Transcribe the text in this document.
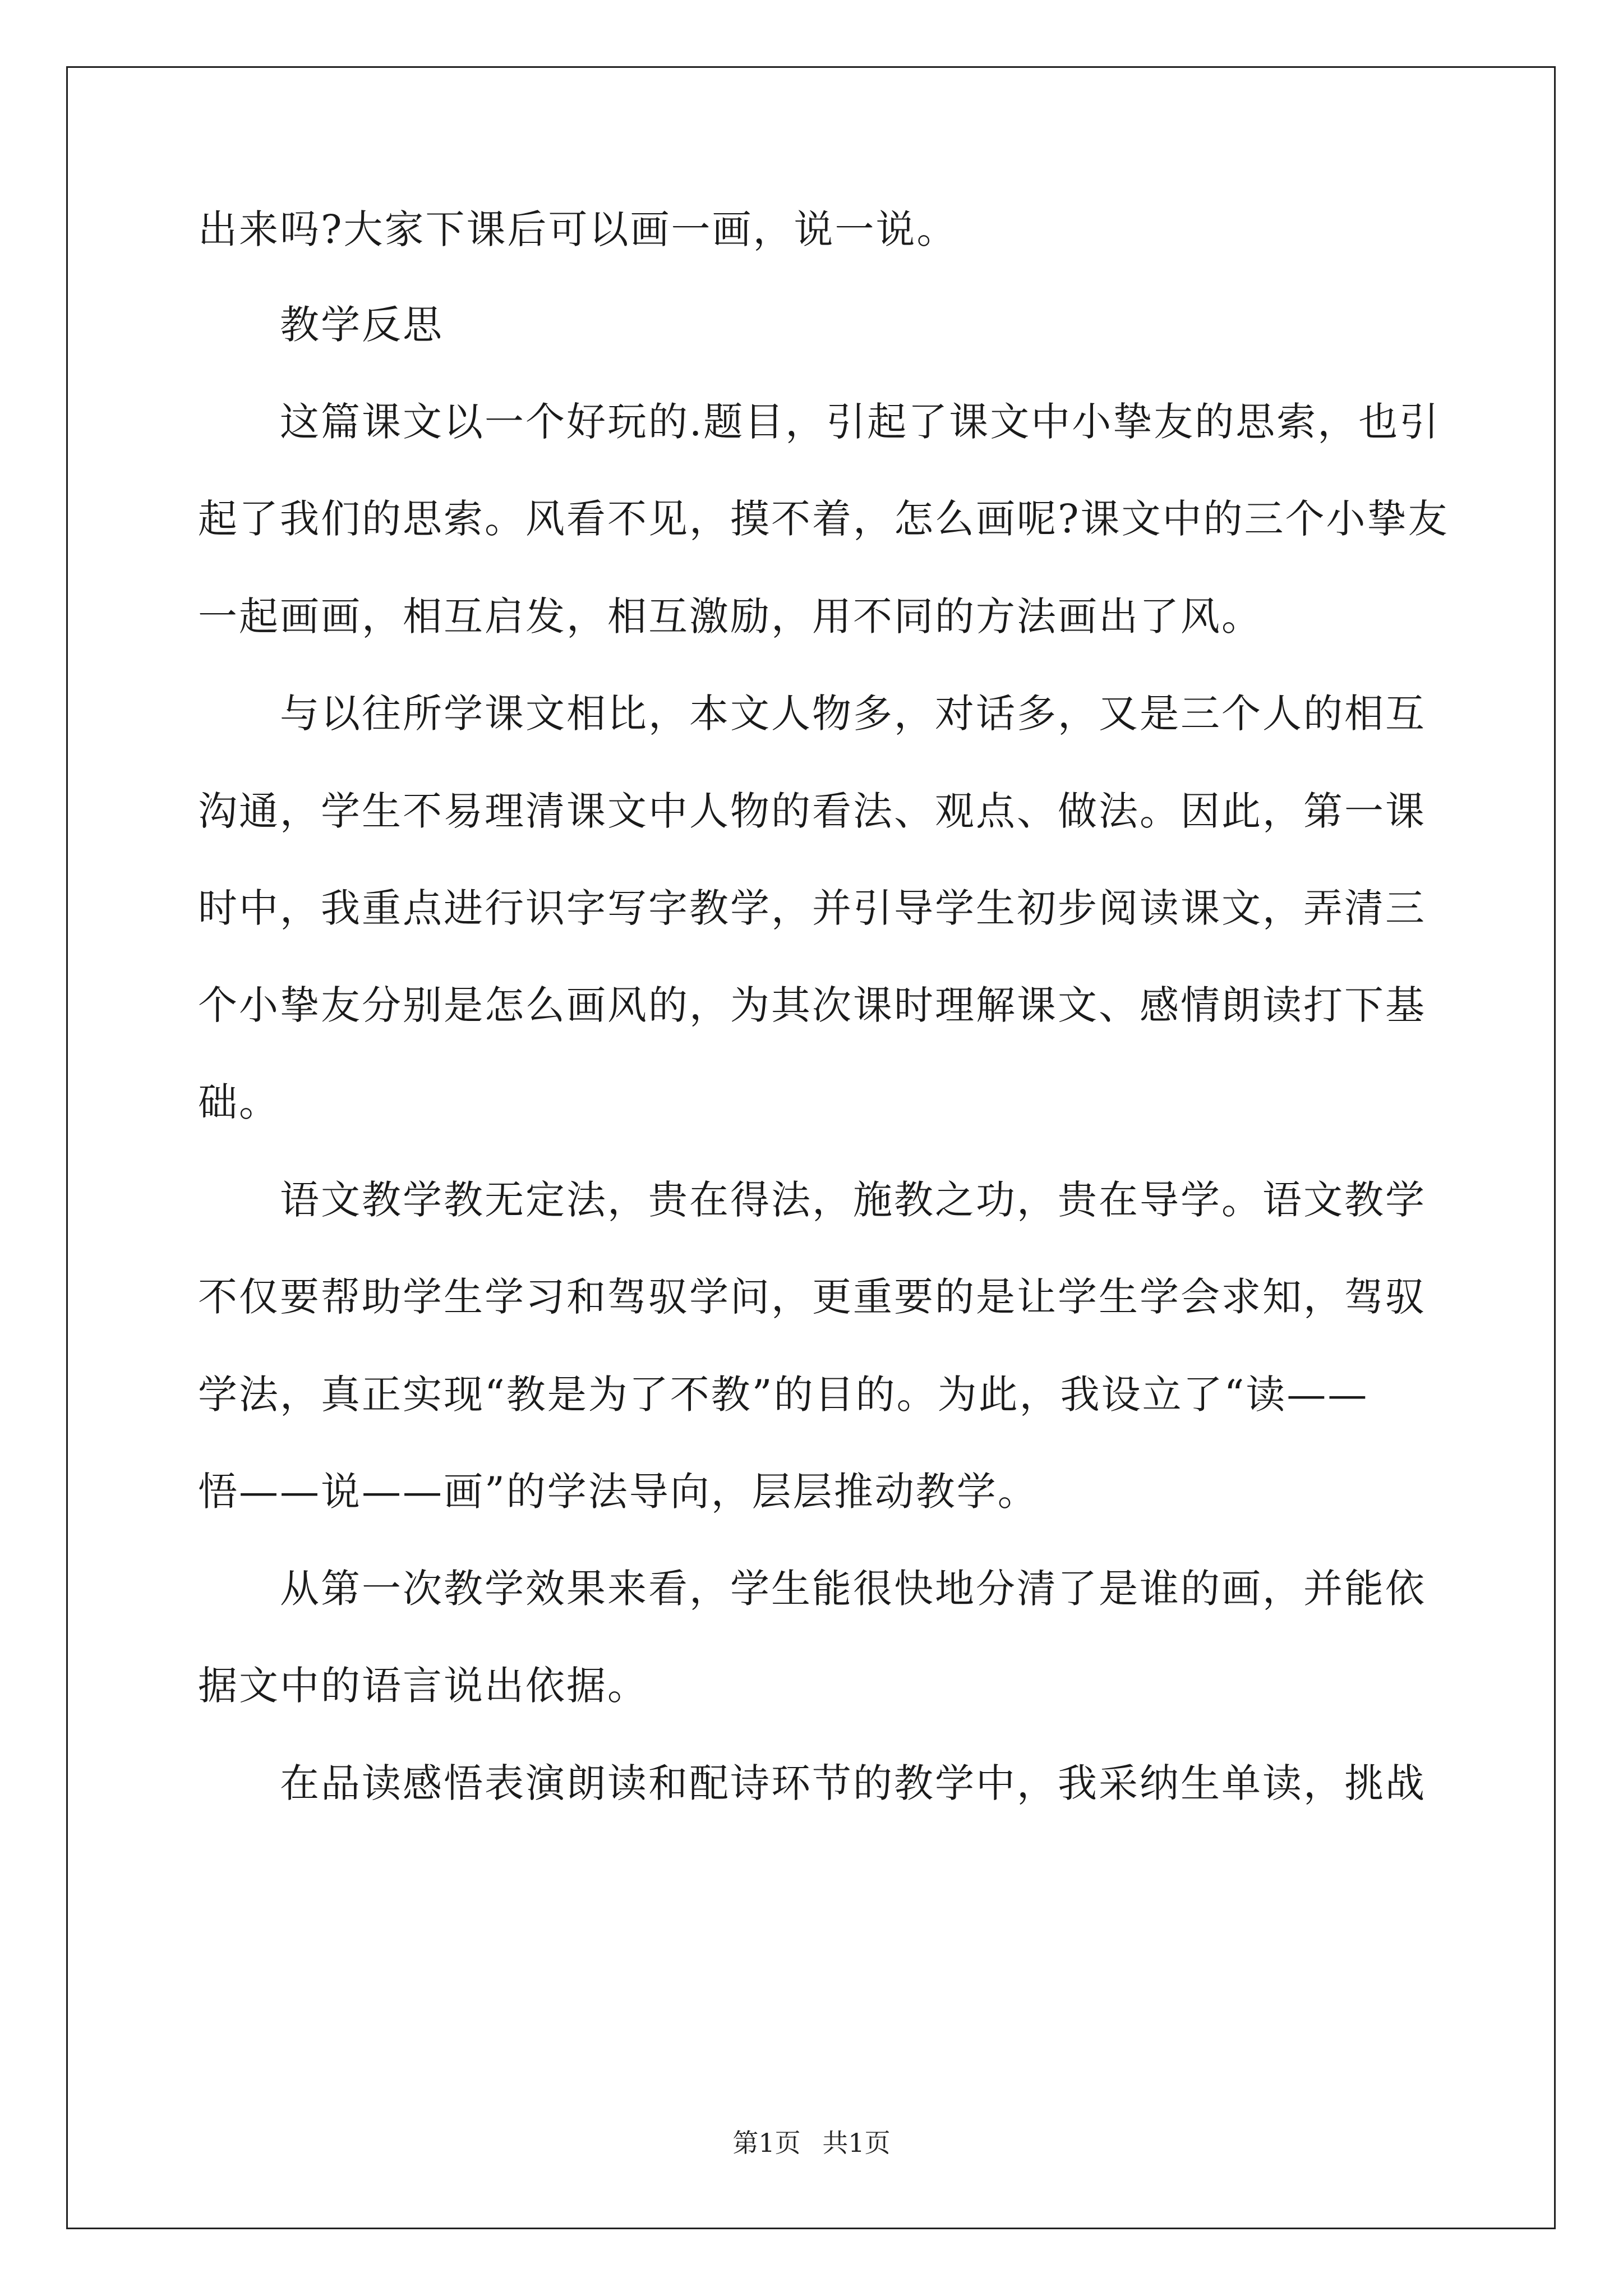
出来吗?大家下课后可以画一画，说一说。
教学反思
这篇课文以一个好玩的.题目，引起了课文中小挚友的思索，也引
起了我们的思索。风看不见，摸不着，怎么画呢?课文中的三个小挚友
一起画画，相互启发，相互激励，用不同的方法画出了风。
与以往所学课文相比，本文人物多，对话多，又是三个人的相互
沟通，学生不易理清课文中人物的看法、观点、做法。因此，第一课
时中，我重点进行识字写字教学，并引导学生初步阅读课文，弄清三
个小挚友分别是怎么画风的，为其次课时理解课文、感情朗读打下基
础。
语文教学教无定法，贵在得法，施教之功，贵在导学。语文教学
不仅要帮助学生学习和驾驭学问，更重要的是让学生学会求知，驾驭
学法，真正实现“教是为了不教”的目的。为此，我设立了“读——
悟——说——画”的学法导向，层层推动教学。
从第一次教学效果来看，学生能很快地分清了是谁的画，并能依
据文中的语言说出依据。
在品读感悟表演朗读和配诗环节的教学中，我采纳生单读，挑战
第1页 共1页
